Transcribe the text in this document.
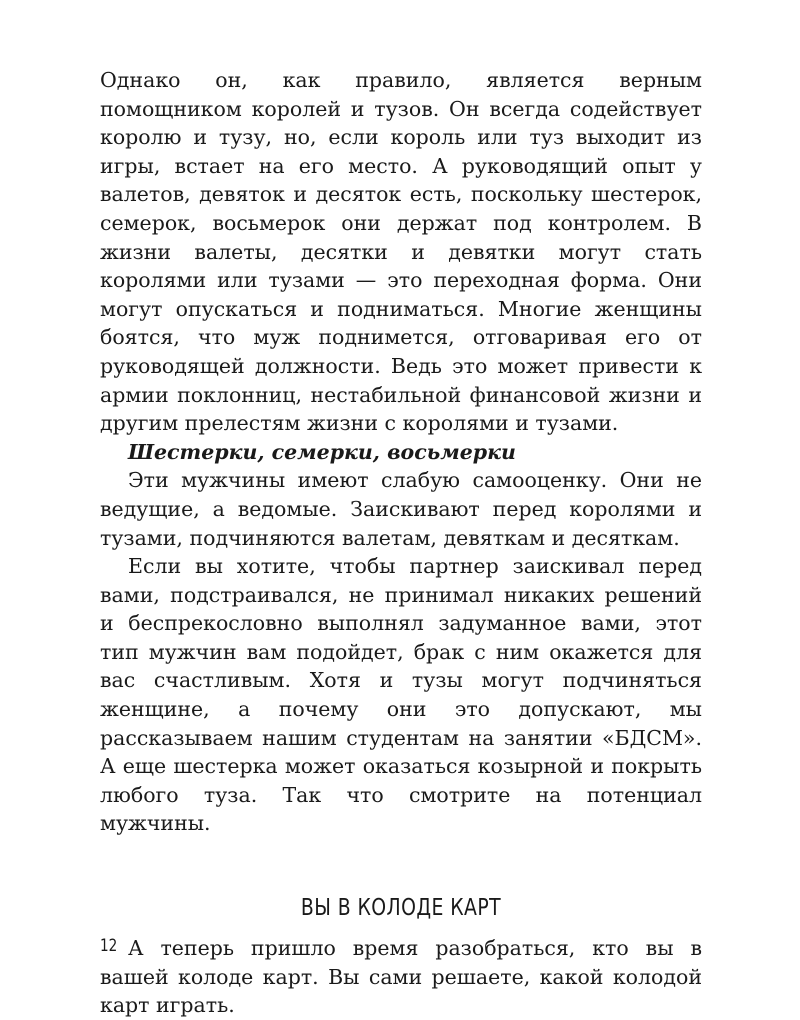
Однако он, как правило, является верным помощником королей и тузов. Он всегда содействует королю и тузу, но, если король или туз выходит из игры, встает на его место. А руководящий опыт у валетов, девяток и десяток есть, поскольку шестерок, семерок, восьмерок они держат под контролем. В жизни валеты, десятки и девятки могут стать королями или тузами — это переходная форма. Они могут опускаться и подниматься. Многие женщины боятся, что муж поднимется, отговаривая его от руководящей должности. Ведь это может привести к армии поклонниц, нестабильной финансовой жизни и другим прелестям жизни с королями и тузами.

Шестерки, семерки, восьмерки

Эти мужчины имеют слабую самооценку. Они не ведущие, а ведомые. Заискивают перед королями и тузами, подчиняются валетам, девяткам и десяткам.

Если вы хотите, чтобы партнер заискивал перед вами, подстраивался, не принимал никаких решений и беспрекословно выполнял задуманное вами, этот тип мужчин вам подойдет, брак с ним окажется для вас счастливым. Хотя и тузы могут подчиняться женщине, а почему они это допускают, мы рассказываем нашим студентам на занятии «БДСМ». А еще шестерка может оказаться козырной и покрыть любого туза. Так что смотрите на потенциал мужчины.

ВЫ В КОЛОДЕ КАРТ

А теперь пришло время разобраться, кто вы в вашей колоде карт. Вы сами решаете, какой колодой карт играть.

12
